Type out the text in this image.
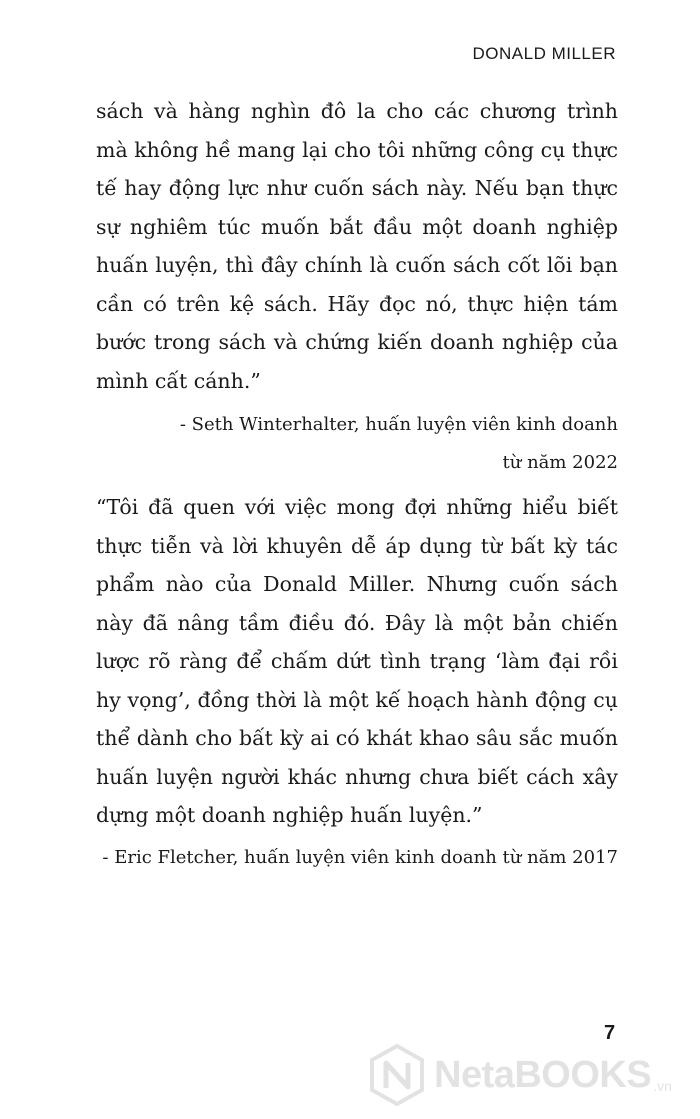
DONALD MILLER

sách và hàng nghìn đô la cho các chương trình mà không hề mang lại cho tôi những công cụ thực tế hay động lực như cuốn sách này. Nếu bạn thực sự nghiêm túc muốn bắt đầu một doanh nghiệp huấn luyện, thì đây chính là cuốn sách cốt lõi bạn cần có trên kệ sách. Hãy đọc nó, thực hiện tám bước trong sách và chứng kiến doanh nghiệp của mình cất cánh.”

- Seth Winterhalter, huấn luyện viên kinh doanh
từ năm 2022

“Tôi đã quen với việc mong đợi những hiểu biết thực tiễn và lời khuyên dễ áp dụng từ bất kỳ tác phẩm nào của Donald Miller. Nhưng cuốn sách này đã nâng tầm điều đó. Đây là một bản chiến lược rõ ràng để chấm dứt tình trạng ‘làm đại rồi hy vọng’, đồng thời là một kế hoạch hành động cụ thể dành cho bất kỳ ai có khát khao sâu sắc muốn huấn luyện người khác nhưng chưa biết cách xây dựng một doanh nghiệp huấn luyện.”

- Eric Fletcher, huấn luyện viên kinh doanh từ năm 2017
7
NetaBOOKS .vn
